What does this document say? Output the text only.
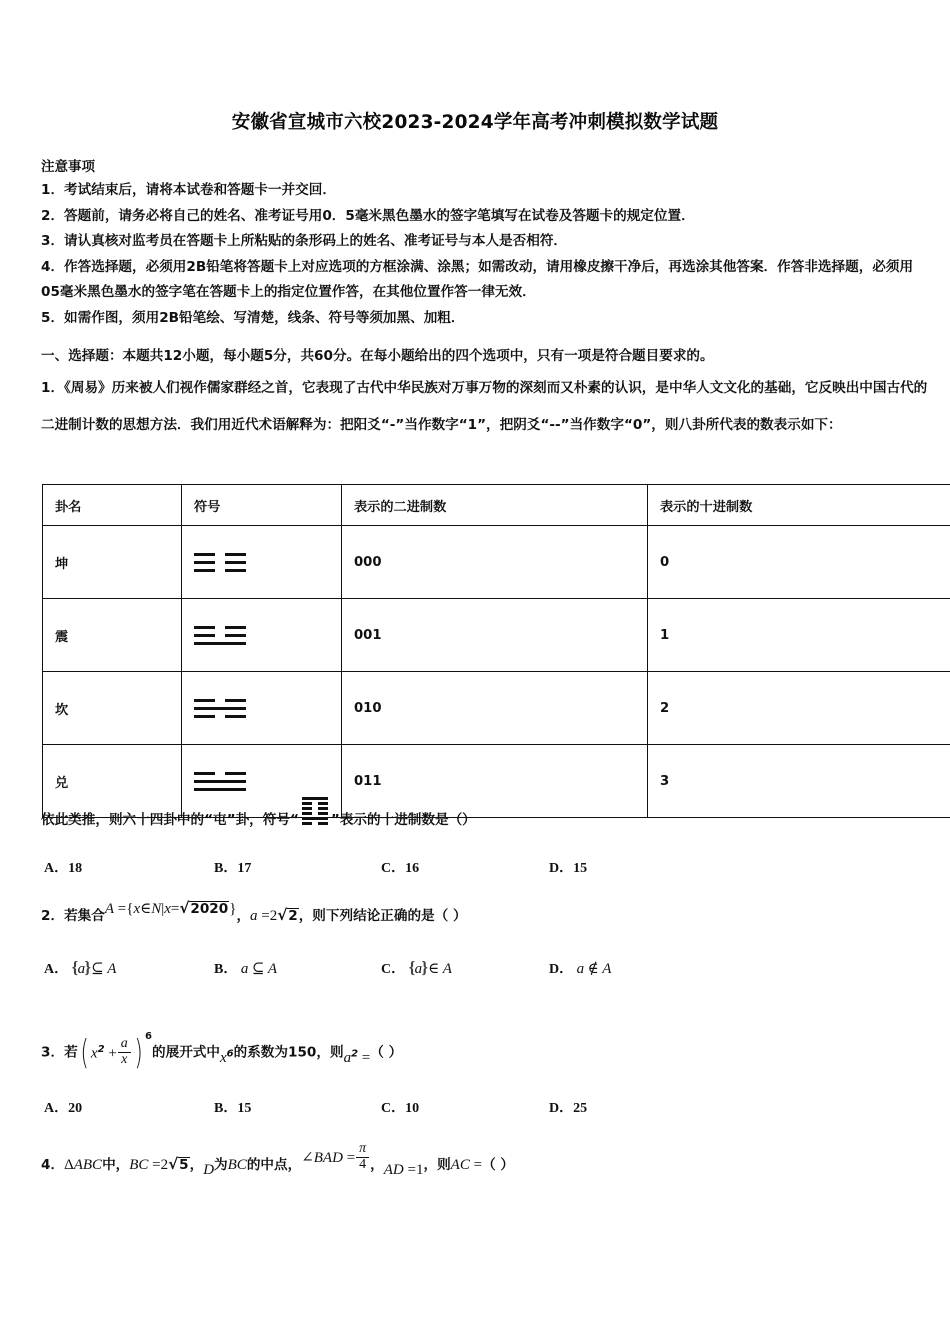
安徽省宣城市六校2023-2024学年高考冲刺模拟数学试题
注意事项
1．考试结束后，请将本试卷和答题卡一并交回．
2．答题前，请务必将自己的姓名、准考证号用0．5毫米黑色墨水的签字笔填写在试卷及答题卡的规定位置．
3．请认真核对监考员在答题卡上所粘贴的条形码上的姓名、准考证号与本人是否相符．
4．作答选择题，必须用2B铅笔将答题卡上对应选项的方框涂满、涂黑；如需改动，请用橡皮擦干净后，再选涂其他答案．作答非选择题，必须用05毫米黑色墨水的签字笔在答题卡上的指定位置作答，在其他位置作答一律无效．
5．如需作图，须用2B铅笔绘、写清楚，线条、符号等须加黑、加粗．
一、选择题：本题共12小题，每小题5分，共60分。在每小题给出的四个选项中，只有一项是符合题目要求的。
1．《周易》历来被人们视作儒家群经之首，它表现了古代中华民族对万事万物的深刻而又朴素的认识，是中华人文文化的基础，它反映出中国古代的二进制计数的思想方法．我们用近代术语解释为：把阳爻“-”当作数字“1”，把阴爻“--”当作数字“0”，则八卦所代表的数表示如下：
卦名	符号	表示的二进制数	表示的十进制数
坤		000	0
震		001	1
坎		010	2
兑		011	3
依此类推，则六十四卦中的“屯”卦，符号“ ”表示的十进制数是（）
A．18	B．17	C．16	D．15
2．若集合A ={x∈N|x= √ 2020}，a =2 √ 2，则下列结论正确的是（ ）
A． { a } ⊆ A	B． a ⊆ A	C． { a } ∈ A	D． a ∉ A
3．若( $x^2 + \frac{a}{x}$ ) $^6$的展开式中$x^6$的系数为150，则$a^2$ =（ ）
A．20	B．15	C．10	D．25
4．ΔABC中，BC =2 √ 5，D为BC的中点，∠BAD = $\frac{\pi}{4}$ ，AD =1，则AC =（ ）
